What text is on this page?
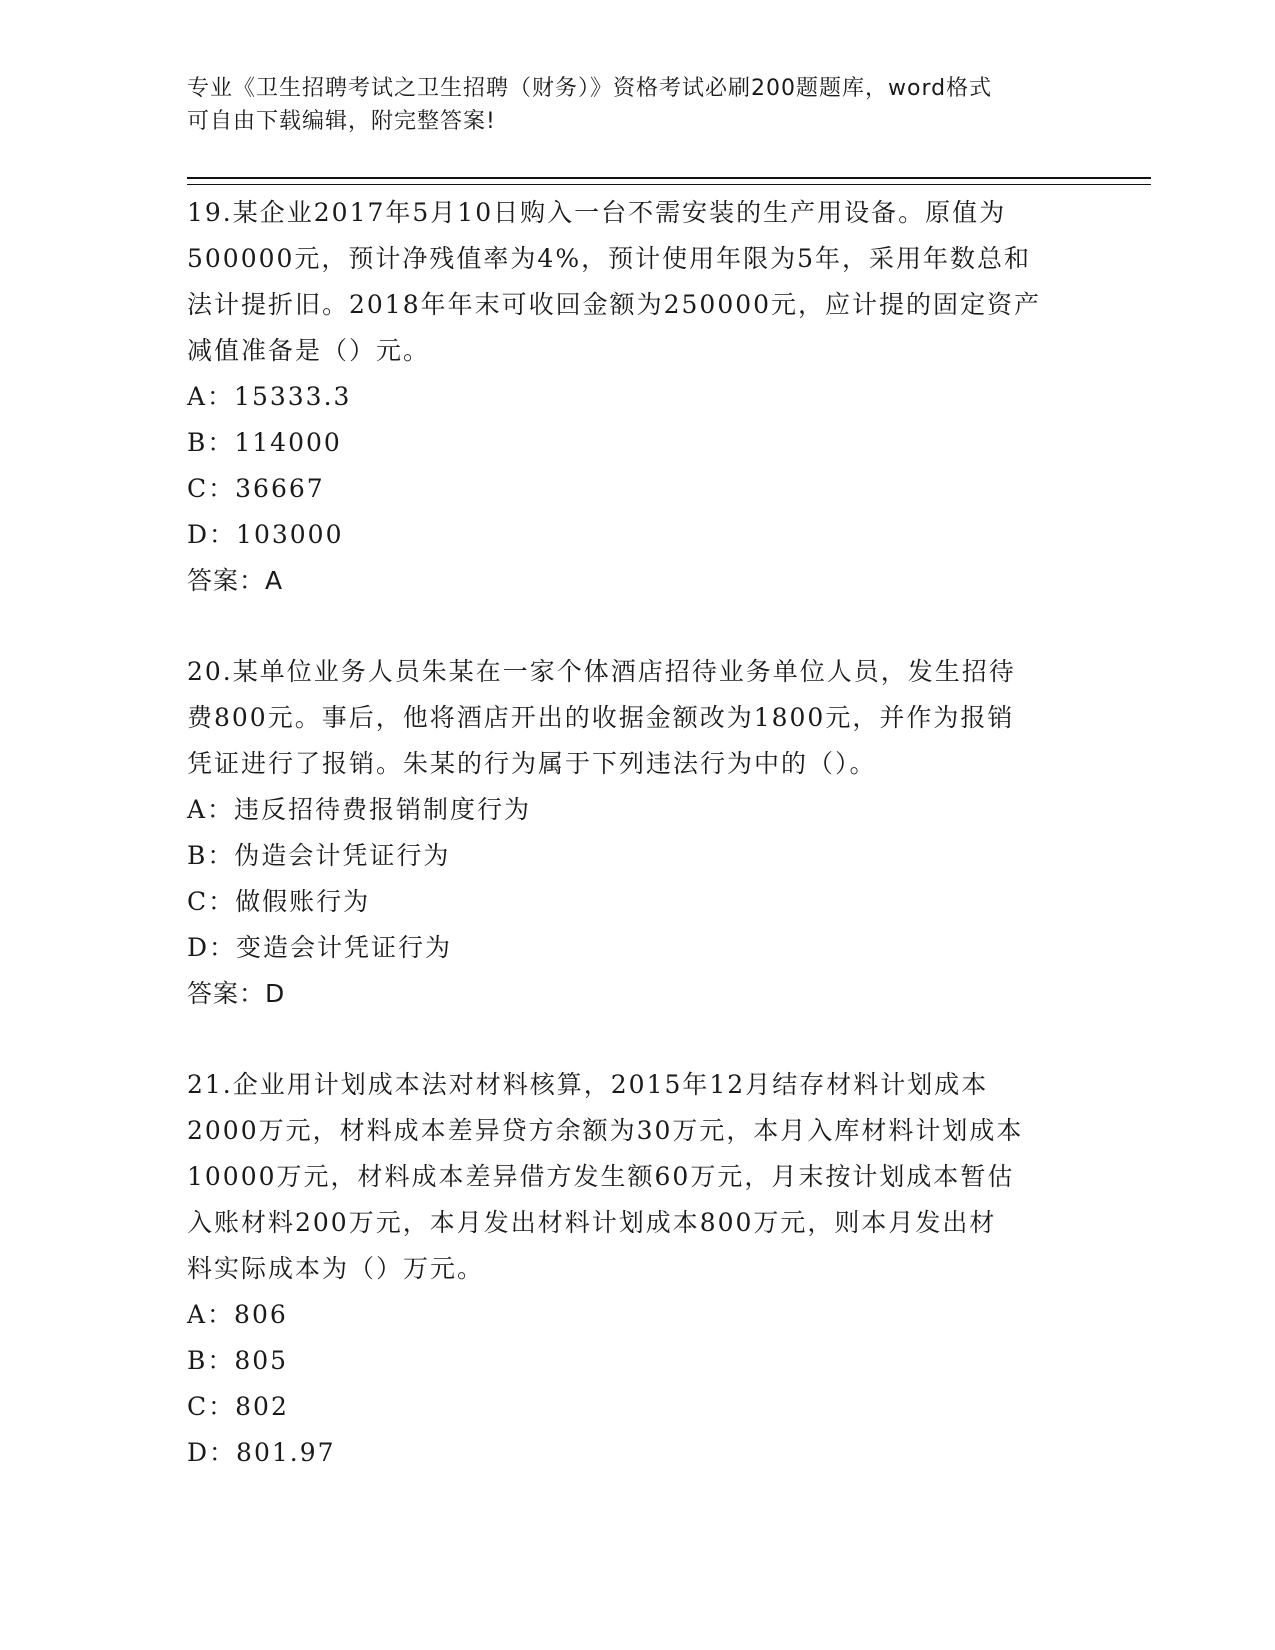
专业《卫生招聘考试之卫生招聘（财务）》资格考试必刷200题题库，word格式
可自由下载编辑，附完整答案!
19.某企业2017年5月10日购入一台不需安装的生产用设备。原值为
500000元，预计净残值率为4%，预计使用年限为5年，采用年数总和
法计提折旧。2018年年末可收回金额为250000元，应计提的固定资产
减值准备是（）元。
A：15333.3
B：114000
C：36667
D：103000
答案：A
20.某单位业务人员朱某在一家个体酒店招待业务单位人员，发生招待
费800元。事后，他将酒店开出的收据金额改为1800元，并作为报销
凭证进行了报销。朱某的行为属于下列违法行为中的（）。
A：违反招待费报销制度行为
B：伪造会计凭证行为
C：做假账行为
D：变造会计凭证行为
答案：D
21.企业用计划成本法对材料核算，2015年12月结存材料计划成本
2000万元，材料成本差异贷方余额为30万元，本月入库材料计划成本
10000万元，材料成本差异借方发生额60万元，月末按计划成本暂估
入账材料200万元，本月发出材料计划成本800万元，则本月发出材
料实际成本为（）万元。
A：806
B：805
C：802
D：801.97
